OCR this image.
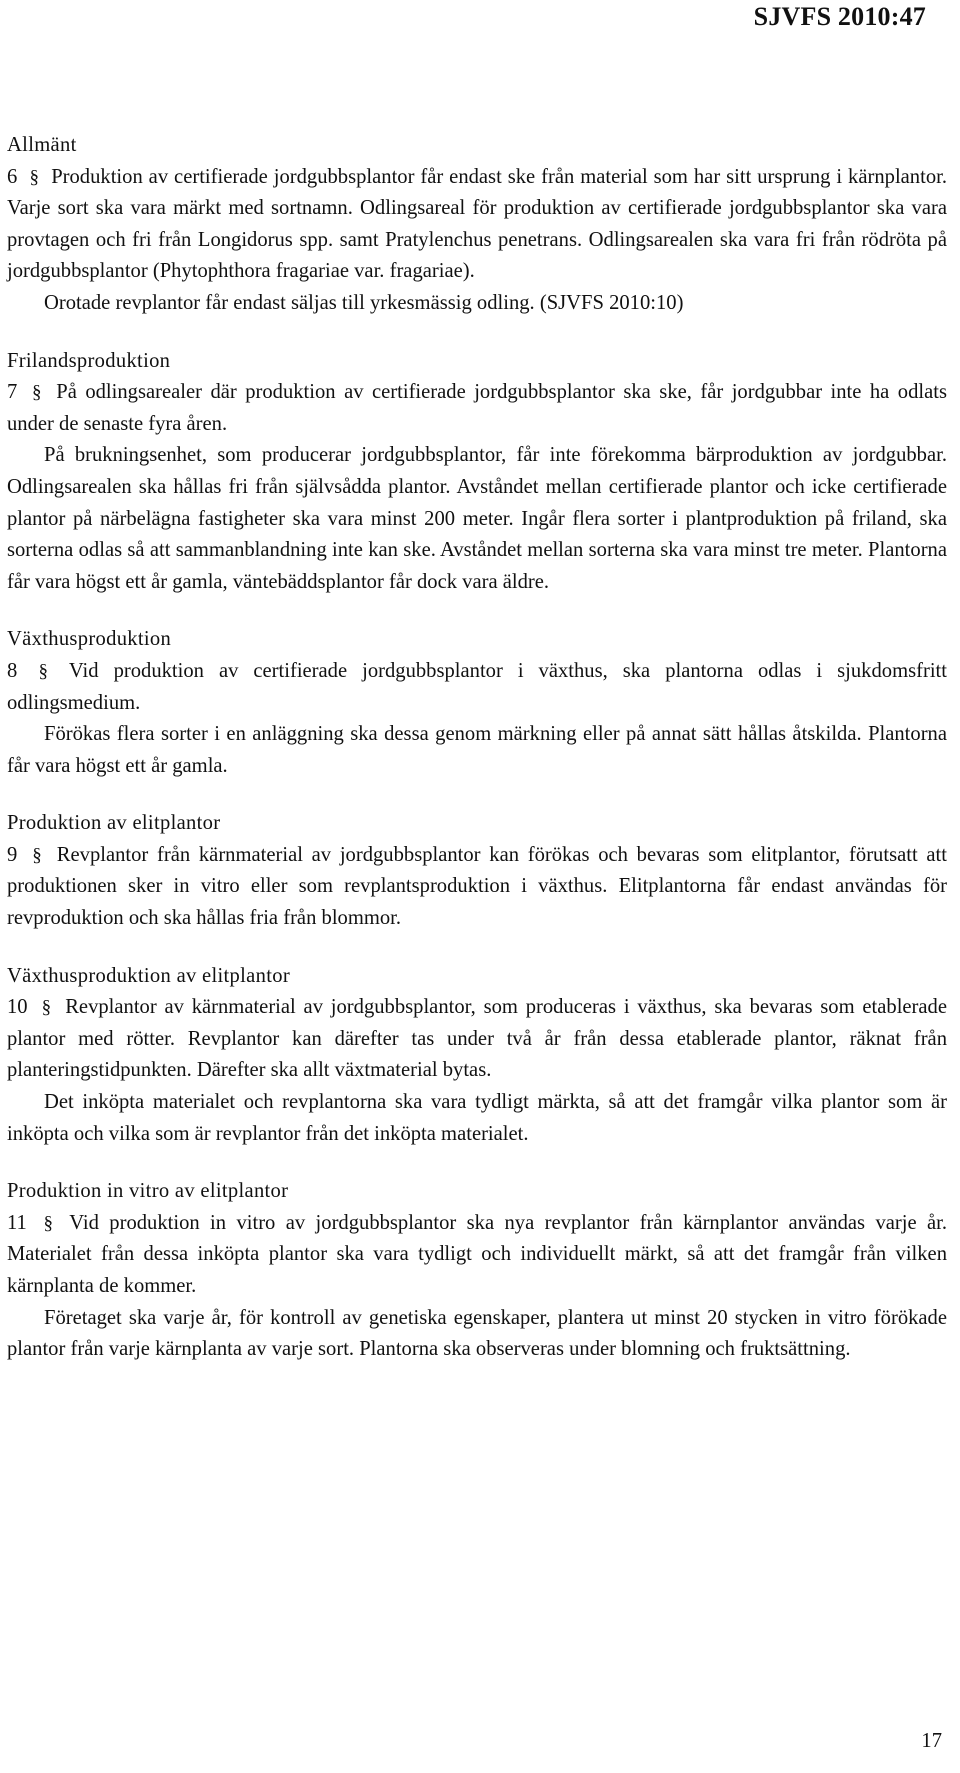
SJVFS 2010:47
Allmänt
6 § Produktion av certifierade jordgubbsplantor får endast ske från material som har sitt ursprung i kärnplantor. Varje sort ska vara märkt med sortnamn. Odlingsareal för produktion av certifierade jordgubbsplantor ska vara provtagen och fri från Longidorus spp. samt Pratylenchus penetrans. Odlingsarealen ska vara fri från rödröta på jordgubbsplantor (Phytophthora fragariae var. fragariae).
Orotade revplantor får endast säljas till yrkesmässig odling. (SJVFS 2010:10)
Frilandsproduktion
7 § På odlingsarealer där produktion av certifierade jordgubbsplantor ska ske, får jordgubbar inte ha odlats under de senaste fyra åren.
På brukningsenhet, som producerar jordgubbsplantor, får inte förekomma bärproduktion av jordgubbar. Odlingsarealen ska hållas fri från självsådda plantor. Avståndet mellan certifierade plantor och icke certifierade plantor på närbelägna fastigheter ska vara minst 200 meter. Ingår flera sorter i plantproduktion på friland, ska sorterna odlas så att sammanblandning inte kan ske. Avståndet mellan sorterna ska vara minst tre meter. Plantorna får vara högst ett år gamla, väntebäddsplantor får dock vara äldre.
Växthusproduktion
8 § Vid produktion av certifierade jordgubbsplantor i växthus, ska plantorna odlas i sjukdomsfritt odlingsmedium.
Förökas flera sorter i en anläggning ska dessa genom märkning eller på annat sätt hållas åtskilda. Plantorna får vara högst ett år gamla.
Produktion av elitplantor
9 § Revplantor från kärnmaterial av jordgubbsplantor kan förökas och bevaras som elitplantor, förutsatt att produktionen sker in vitro eller som revplantsproduktion i växthus. Elitplantorna får endast användas för revproduktion och ska hållas fria från blommor.
Växthusproduktion av elitplantor
10 § Revplantor av kärnmaterial av jordgubbsplantor, som produceras i växthus, ska bevaras som etablerade plantor med rötter. Revplantor kan därefter tas under två år från dessa etablerade plantor, räknat från planteringstidpunkten. Därefter ska allt växtmaterial bytas.
Det inköpta materialet och revplantorna ska vara tydligt märkta, så att det framgår vilka plantor som är inköpta och vilka som är revplantor från det inköpta materialet.
Produktion in vitro av elitplantor
11 § Vid produktion in vitro av jordgubbsplantor ska nya revplantor från kärnplantor användas varje år. Materialet från dessa inköpta plantor ska vara tydligt och individuellt märkt, så att det framgår från vilken kärnplanta de kommer.
Företaget ska varje år, för kontroll av genetiska egenskaper, plantera ut minst 20 stycken in vitro förökade plantor från varje kärnplanta av varje sort. Plantorna ska observeras under blomning och fruktsättning.
17
